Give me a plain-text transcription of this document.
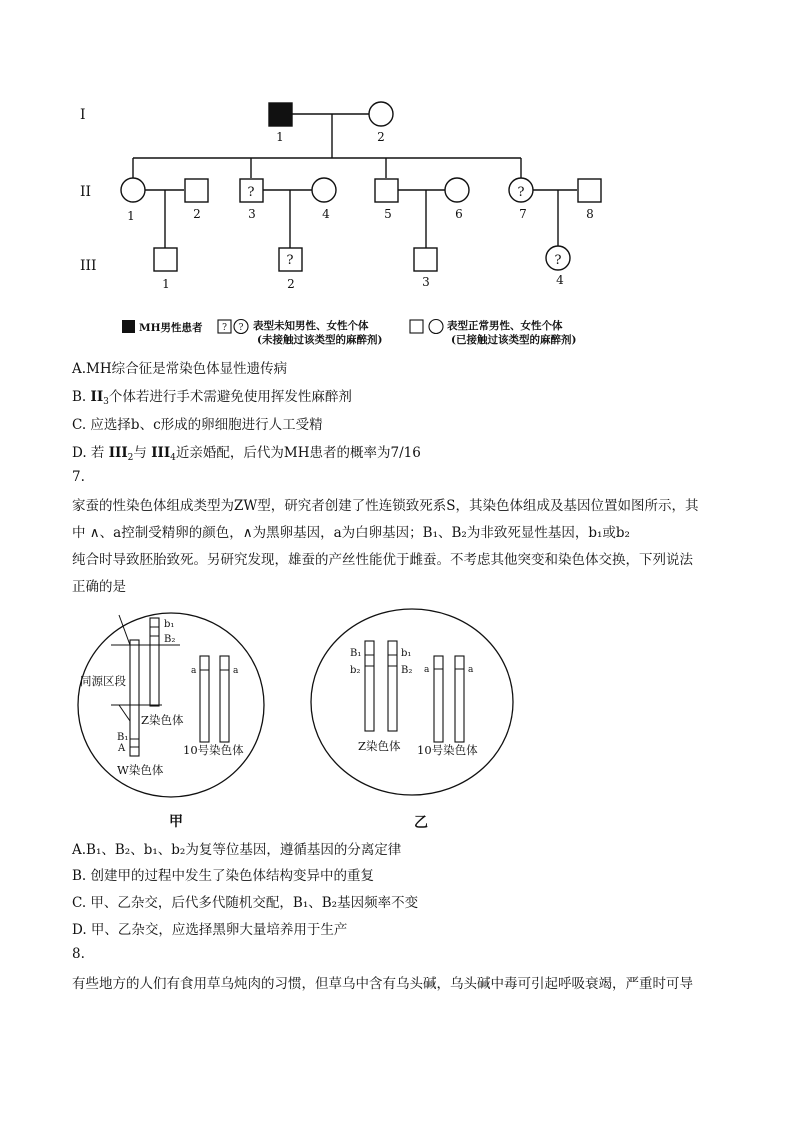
?	?
?	?
I
II
III
1	2
1	2	3	4	5	6	7	8
1	2	3	4
MH男性患者 ? ? 表型未知男性、女性个体
(未接触过该类型的麻醉剂)
表型正常男性、女性个体
(已接触过该类型的麻醉剂)
A.MH综合征是常染色体显性遗传病
B. $II_3$个体若进行手术需避免使用挥发性麻醉剂
C. 应选择b、c形成的卵细胞进行人工受精
D. 若 $III_2$与 $III_4$近亲婚配，后代为MH患者的概率为7/16
7.
家蚕的性染色体组成类型为ZW型，研究者创建了性连锁致死系S，其染色体组成及基因位置如图所示，其
中 ∧、a控制受精卵的颜色，∧为黑卵基因，a为白卵基因；B₁、B₂为非致死显性基因，b₁或b₂
纯合时导致胚胎致死。另研究发现，雄蚕的产丝性能优于雌蚕。不考虑其他突变和染色体交换，下列说法
正确的是
b₁
B₂
B₁
A
a	a
同源区段
Z染色体
10号染色体
W染色体
甲
B₁
b₂
b₁
B₂ a	a
Z染色体 10号染色体
乙
A.B₁、B₂、b₁、b₂为复等位基因，遵循基因的分离定律
B. 创建甲的过程中发生了染色体结构变异中的重复
C. 甲、乙杂交，后代多代随机交配，B₁、B₂基因频率不变
D. 甲、乙杂交，应选择黑卵大量培养用于生产
8.
有些地方的人们有食用草乌炖肉的习惯，但草乌中含有乌头碱，乌头碱中毒可引起呼吸衰竭，严重时可导
